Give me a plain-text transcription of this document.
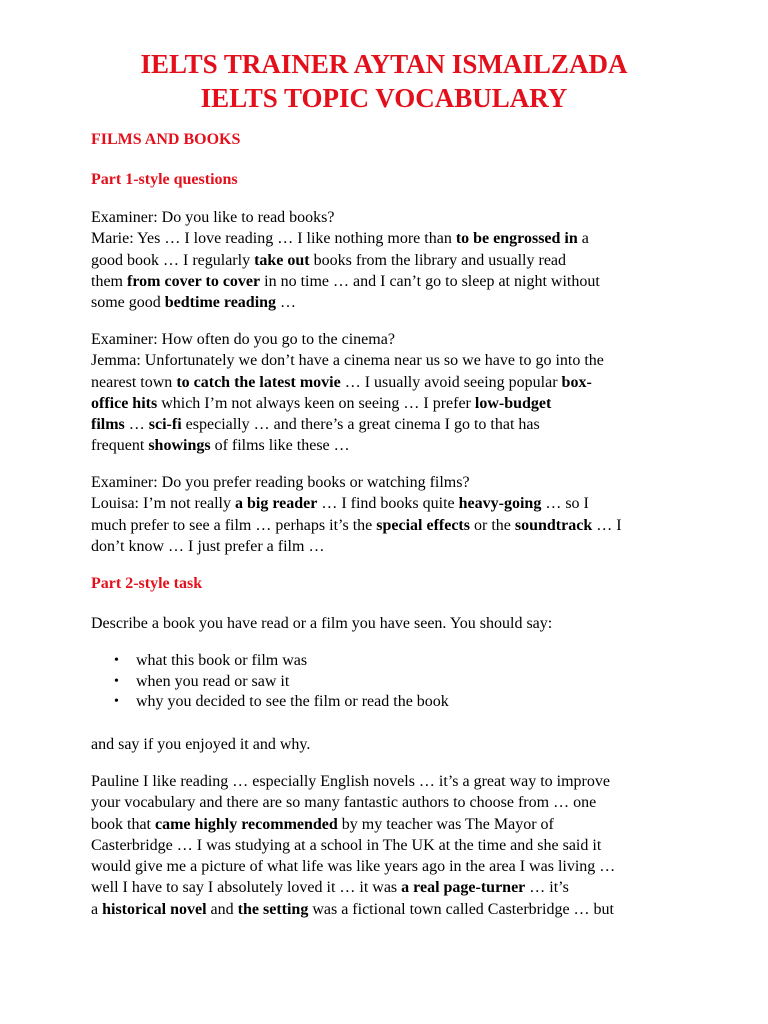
IELTS TRAINER AYTAN ISMAILZADA
IELTS TOPIC VOCABULARY
FILMS AND BOOKS
Part 1-style questions
Examiner: Do you like to read books?
Marie: Yes … I love reading … I like nothing more than to be engrossed in a
good book … I regularly take out books from the library and usually read
them from cover to cover in no time … and I can’t go to sleep at night without
some good bedtime reading …
Examiner: How often do you go to the cinema?
Jemma: Unfortunately we don’t have a cinema near us so we have to go into the
nearest town to catch the latest movie … I usually avoid seeing popular box-
office hits which I’m not always keen on seeing … I prefer low-budget
films … sci-fi especially … and there’s a great cinema I go to that has
frequent showings of films like these …
Examiner: Do you prefer reading books or watching films?
Louisa: I’m not really a big reader … I find books quite heavy-going … so I
much prefer to see a film … perhaps it’s the special effects or the soundtrack … I
don’t know … I just prefer a film …
Part 2-style task
Describe a book you have read or a film you have seen. You should say:
• what this book or film was
• when you read or saw it
• why you decided to see the film or read the book
and say if you enjoyed it and why.
Pauline I like reading … especially English novels … it’s a great way to improve
your vocabulary and there are so many fantastic authors to choose from … one
book that came highly recommended by my teacher was The Mayor of
Casterbridge … I was studying at a school in The UK at the time and she said it
would give me a picture of what life was like years ago in the area I was living …
well I have to say I absolutely loved it … it was a real page-turner … it’s
a historical novel and the setting was a fictional town called Casterbridge … but
